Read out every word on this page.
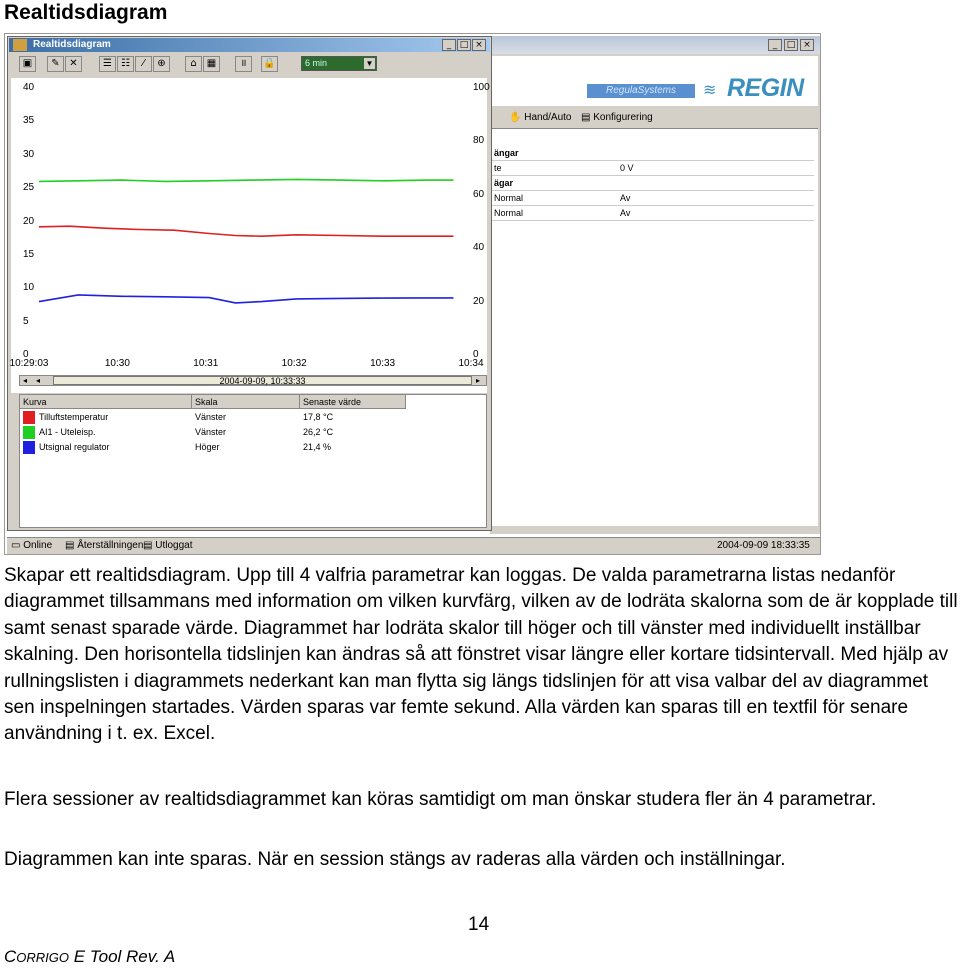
Realtidsdiagram
_	□ ×
RegulaSystems	≋ REGIN
✋ Hand/Auto ▤ Konfigurering
ängar
te	0 V
ägar
Normal	Av
Normal	Av
Realtidsdiagram	_ □ ×
▣	✎ ✕	☰ ☷	⁄	⊕	⌂	▦	॥	🔒	6 min	▼
40
35
30
25
20
15
10
5
0
100
80
60
40
20
0
10:29:03	10:30	10:31	10:32	10:33	10:34
◂	◂	2004-09-09, 10:33:33	▸
Kurva	Skala	Senaste värde
Tilluftstemperatur	Vänster	17,8 °C
AI1 - Uteleisp.	Vänster	26,2 °C
Utsignal regulator	Höger	21,4 %
▭ Online ▤ Återställningen ▤ Utloggat	2004-09-09 18:33:35
Skapar ett realtidsdiagram. Upp till 4 valfria parametrar kan loggas. De valda parametrarna listas nedanför diagrammet tillsammans med information om vilken kurvfärg, vilken av de lodräta skalorna som de är kopplade till samt senast sparade värde. Diagrammet har lodräta skalor till höger och till vänster med individuellt inställbar skalning. Den horisontella tidslinjen kan ändras så att fönstret visar längre eller kortare tidsintervall. Med hjälp av rullningslisten i diagrammets nederkant kan man flytta sig längs tidslinjen för att visa valbar del av diagrammet sen inspelningen startades. Värden sparas var femte sekund. Alla värden kan sparas till en textfil för senare användning i t. ex. Excel.
Flera sessioner av realtidsdiagrammet kan köras samtidigt om man önskar studera fler än 4 parametrar.
Diagrammen kan inte sparas. När en session stängs av raderas alla värden och inställningar.
14
CORRIGO E Tool Rev. A
